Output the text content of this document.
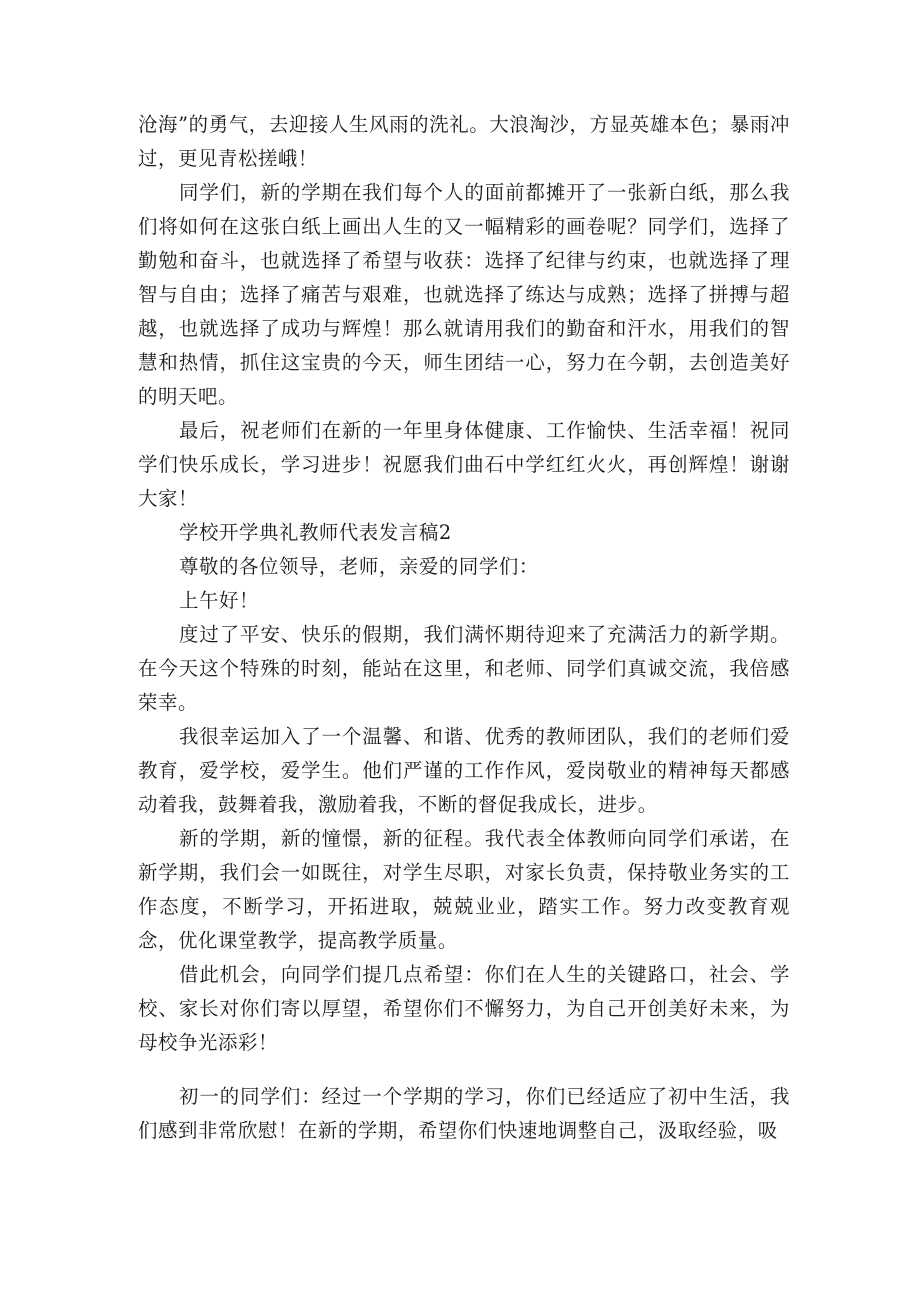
沧海”的勇气，去迎接人生风雨的洗礼。大浪淘沙，方显英雄本色；暴雨冲过，更见青松搓峨！

同学们，新的学期在我们每个人的面前都摊开了一张新白纸，那么我们将如何在这张白纸上画出人生的又一幅精彩的画卷呢？同学们，选择了勤勉和奋斗，也就选择了希望与收获：选择了纪律与约束，也就选择了理智与自由；选择了痛苦与艰难，也就选择了练达与成熟；选择了拼搏与超越，也就选择了成功与辉煌！那么就请用我们的勤奋和汗水，用我们的智慧和热情，抓住这宝贵的今天，师生团结一心，努力在今朝，去创造美好的明天吧。

最后，祝老师们在新的一年里身体健康、工作愉快、生活幸福！祝同学们快乐成长，学习进步！祝愿我们曲石中学红红火火，再创辉煌！谢谢大家！

学校开学典礼教师代表发言稿2

尊敬的各位领导，老师，亲爱的同学们：

上午好！

度过了平安、快乐的假期，我们满怀期待迎来了充满活力的新学期。在今天这个特殊的时刻，能站在这里，和老师、同学们真诚交流，我倍感荣幸。

我很幸运加入了一个温馨、和谐、优秀的教师团队，我们的老师们爱教育，爱学校，爱学生。他们严谨的工作作风，爱岗敬业的精神每天都感动着我，鼓舞着我，激励着我，不断的督促我成长，进步。

新的学期，新的憧憬，新的征程。我代表全体教师向同学们承诺，在新学期，我们会一如既往，对学生尽职，对家长负责，保持敬业务实的工作态度，不断学习，开拓进取，兢兢业业，踏实工作。努力改变教育观念，优化课堂教学，提高教学质量。

借此机会，向同学们提几点希望：你们在人生的关键路口，社会、学校、家长对你们寄以厚望，希望你们不懈努力，为自己开创美好未来，为母校争光添彩！

初一的同学们：经过一个学期的学习，你们已经适应了初中生活，我们感到非常欣慰！在新的学期，希望你们快速地调整自己，汲取经验，吸
